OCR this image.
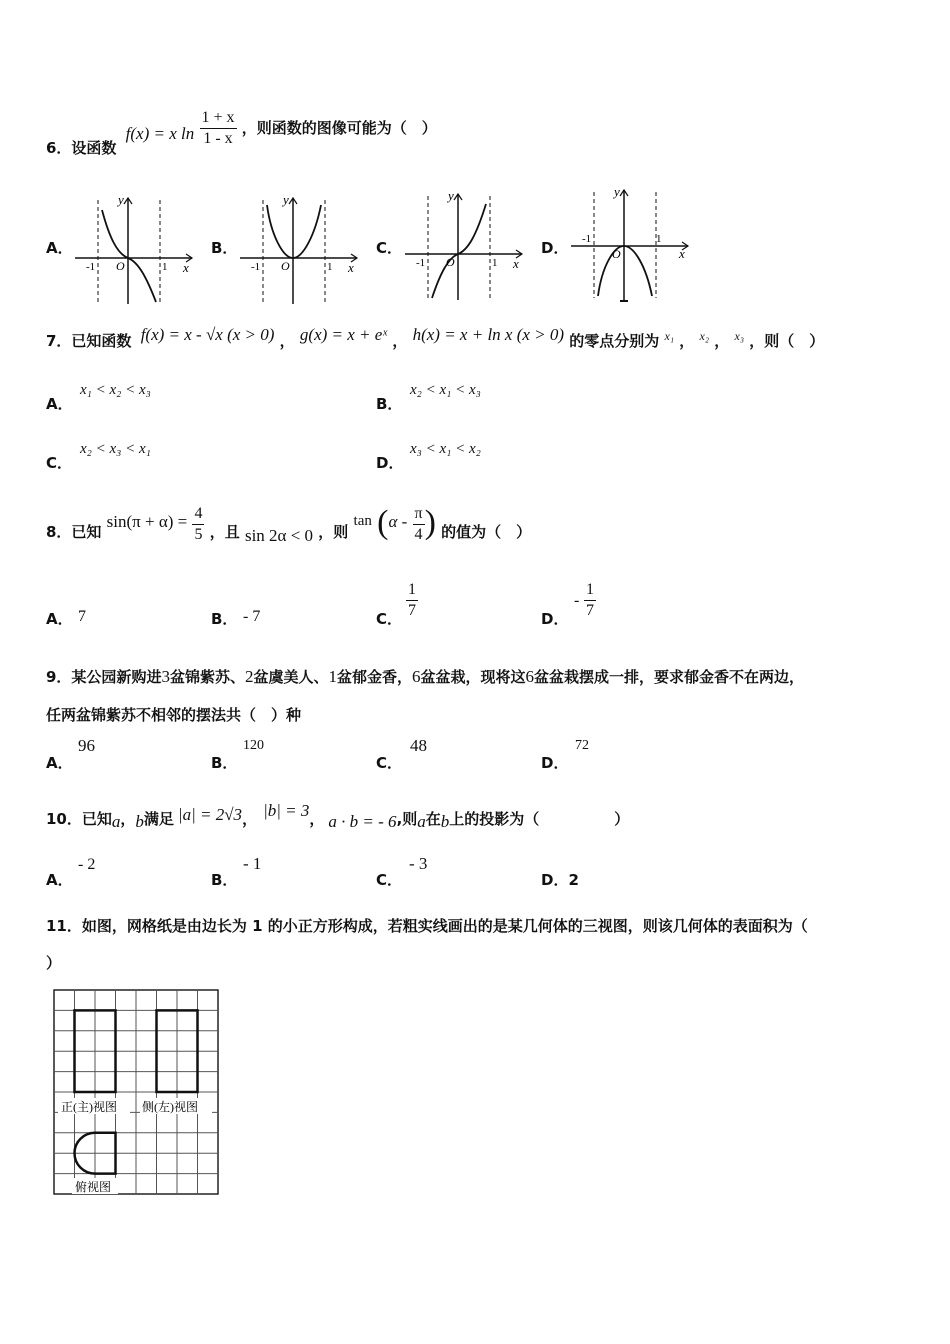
6．设函数 f(x) = x $\ln \frac{1 + x}{1 - x}$ ，则函数的图像可能为（　）
A．	B．	C．	D．
y
x
O
-1	1
y
x
O
-1	1
y
x
O
-1	1
y
x
O
-1	1
7．已知函数 f(x) = x - √x (x > 0) ， g(x) = x + eˣ ， h(x) = x + ln x (x > 0) 的零点分别为 $^{x_1}$ ， $^{x_2}$ ， $^{x_3}$ ，则（　）
A．
x₁ < x₂ < x₃
B．
x₂ < x₁ < x₃
C．
x₂ < x₃ < x₁
D．
x₃ < x₁ < x₂
8．已知 $\sin(\pi + \alpha) = \frac{4}{5}$ ，且 sin 2α < 0 ，则 $\tan (\alpha - \frac{\pi}{4}$ ) 的值为（　）
A． 7	B． - 7	C． $\frac{1}{7}$	D．
- $\frac{1}{7}$
9．某公园新购进3盆锦紫苏、2盆虞美人、1盆郁金香，6盆盆栽，现将这6盆盆栽摆成一排，要求郁金香不在两边，
任两盆锦紫苏不相邻的摆法共（　）种
A．
96
B．
120
C．
48
D．
72
10．已知a，b满足 |a| = 2√3， |b| = 3， a · b = - 6,则a在b上的投影为（　　　　　）
A．
- 2
B．
- 1
C．
- 3
D．2
11．如图，网格纸是由边长为 1 的小正方形构成，若粗实线画出的是某几何体的三视图，则该几何体的表面积为（
）
正(主)视图 侧(左)视图
俯视图
